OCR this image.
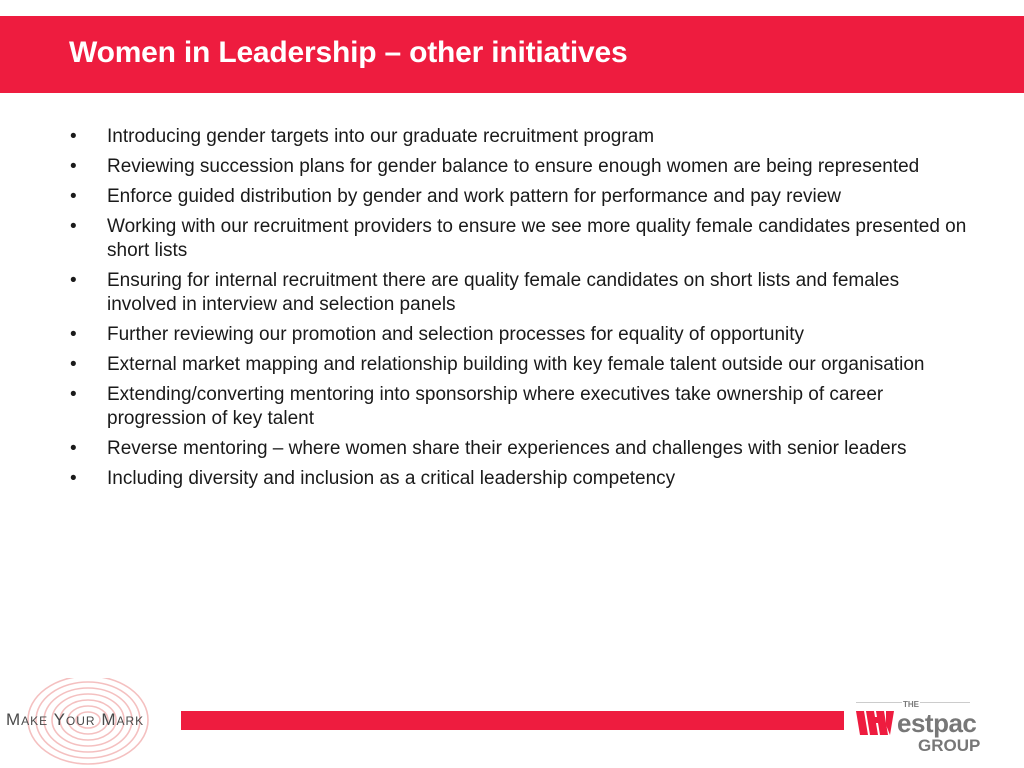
Women in Leadership – other initiatives
•	Introducing gender targets into our graduate recruitment program
•	Reviewing succession plans for gender balance to ensure enough women are being represented
•	Enforce guided distribution by gender and work pattern for performance and pay review
•	Working with our recruitment providers to ensure we see more quality female candidates presented on short lists
•	Ensuring for internal recruitment there are quality female candidates on short lists and females involved in interview and selection panels
•	Further reviewing our promotion and selection processes for equality of opportunity
•	External market mapping and relationship building with key female talent outside our organisation
•	Extending/converting mentoring into sponsorship where executives take ownership of career progression of key talent
•	Reverse mentoring – where women share their experiences and challenges with senior leaders
•	Including diversity and inclusion as a critical leadership competency
Make Your Mark
THE
estpac
GROUP
